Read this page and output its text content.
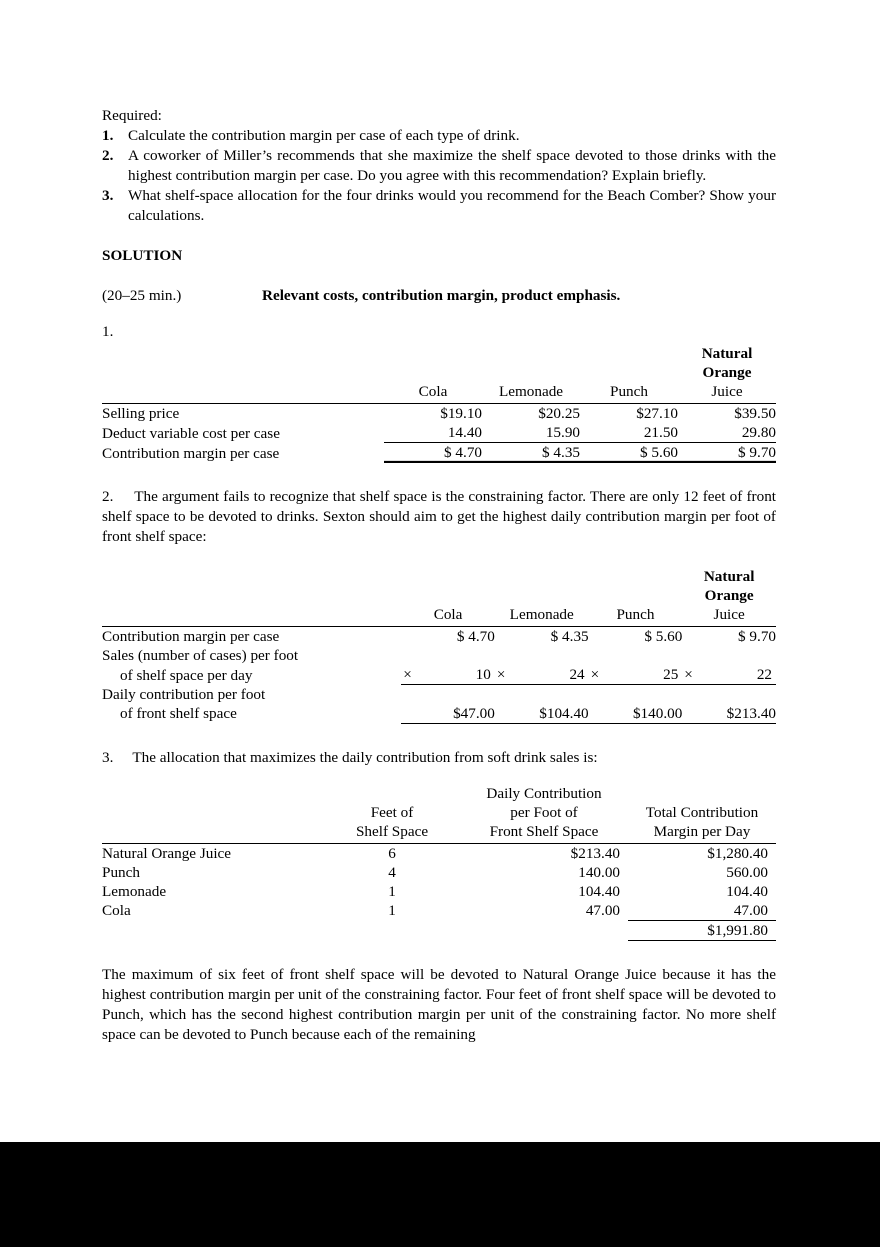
Required:
1. Calculate the contribution margin per case of each type of drink.
2. A coworker of Miller’s recommends that she maximize the shelf space devoted to those drinks with the highest contribution margin per case. Do you agree with this recommendation? Explain briefly.
3. What shelf-space allocation for the four drinks would you recommend for the Beach Comber? Show your calculations.
SOLUTION
(20–25 min.)	Relevant costs, contribution margin, product emphasis.
1.

				Natural
Orange

	Cola	Lemonade	Punch	Juice

Selling price	$19.10	$20.25	$27.10	$39.50
Deduct variable cost per case	14.40	15.90	21.50	29.80
Contribution margin per case	$ 4.70	$ 4.35	$ 5.60	$ 9.70
2. The argument fails to recognize that shelf space is the constraining factor. There are only 12 feet of front shelf space to be devoted to drinks. Sexton should aim to get the highest daily contribution margin per foot of front shelf space:

				Natural
Orange

	Cola	Lemonade	Punch	Juice

Contribution margin per case	$ 4.70	$ 4.35	$ 5.60	$ 9.70
Sales (number of cases) per foot				
of shelf space per day	× 10	× 24	× 25	× 22

Daily contribution per foot				
of front shelf space	$47.00	$104.40	$140.00	$213.40
3. The allocation that maximizes the daily contribution from soft drink sales is:
		Daily Contribution	
	Feet of	per Foot of	Total Contribution
	Shelf Space	Front Shelf Space	Margin per Day

Natural Orange Juice	6	$213.40	$1,280.40
Punch	4	140.00	560.00
Lemonade	1	104.40	104.40
Cola	1	47.00	47.00
			$1,991.80
The maximum of six feet of front shelf space will be devoted to Natural Orange Juice because it has the highest contribution margin per unit of the constraining factor. Four feet of front shelf space will be devoted to Punch, which has the second highest contribution margin per unit of the constraining factor. No more shelf space can be devoted to Punch because each of the remaining
